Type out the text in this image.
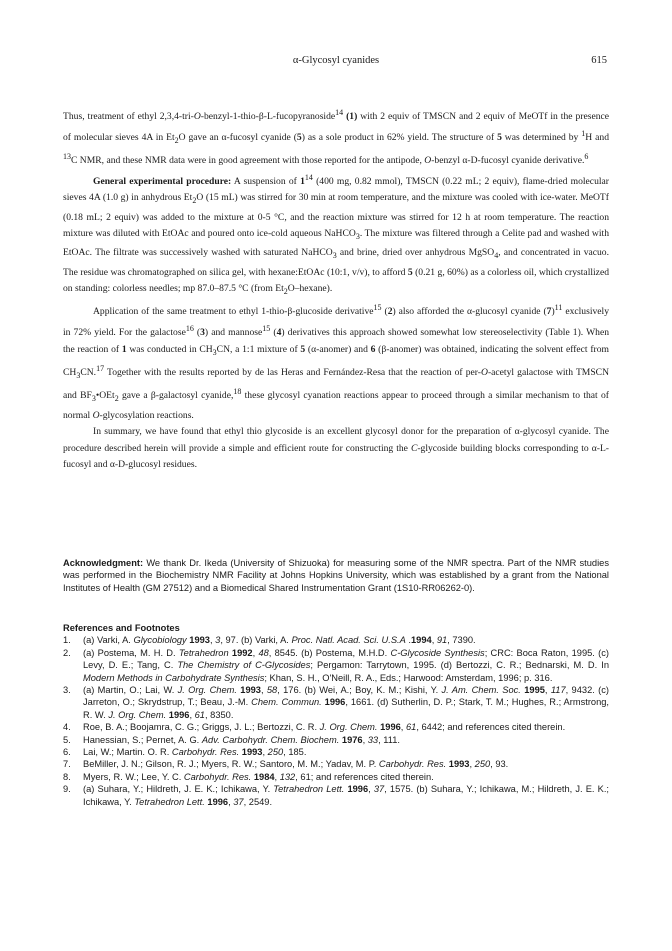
α-Glycosyl cyanides	615

Thus, treatment of ethyl 2,3,4-tri-O-benzyl-1-thio-β-L-fucopyranoside$^{14}$ (1) with 2 equiv of TMSCN and 2 equiv of MeOTf in the presence of molecular sieves 4A in $Et_2O$ gave an α-fucosyl cyanide (5) as a sole product in 62% yield. The structure of 5 was determined by $^1$H and $^{13}$C NMR, and these NMR data were in good agreement with those reported for the antipode, O-benzyl α-D-fucosyl cyanide derivative.$^6$

General experimental procedure: A suspension of $1^{14}$ (400 mg, 0.82 mmol), TMSCN (0.22 mL; 2 equiv), flame-dried molecular sieves 4A (1.0 g) in anhydrous $Et_2O$ (15 mL) was stirred for 30 min at room temperature, and the mixture was cooled with ice-water. MeOTf (0.18 mL; 2 equiv) was added to the mixture at 0-5 °C, and the reaction mixture was stirred for 12 h at room temperature. The reaction mixture was diluted with EtOAc and poured onto ice-cold aqueous NaHCO$_3$. The mixture was filtered through a Celite pad and washed with EtOAc. The filtrate was successively washed with saturated NaHCO$_3$ and brine, dried over anhydrous MgSO$_4$, and concentrated in vacuo. The residue was chromatographed on silica gel, with hexane:EtOAc (10:1, v/v), to afford 5 (0.21 g, 60%) as a colorless oil, which crystallized on standing: colorless needles; mp 87.0–87.5 °C (from $Et_2O-hexane$).

Application of the same treatment to ethyl 1-thio-β-glucoside derivative$^{15}$ (2) also afforded the α-glucosyl cyanide $(7)^{11}$ exclusively in 72% yield. For the galactose$^{16}$ (3) and mannose$^{15}$ (4) derivatives this approach showed somewhat low stereoselectivity (Table 1). When the reaction of 1 was conducted in $CH_3CN$, a 1:1 mixture of 5 (α-anomer) and 6 (β-anomer) was obtained, indicating the solvent effect from $CH_3CN.^{17}$ Together with the results reported by de las Heras and Fernández-Resa that the reaction of per-O-acetyl galactose with TMSCN and $BF_3•OEt_2$ gave a β-galactosyl cyanide,$^{18}$ these glycosyl cyanation reactions appear to proceed through a similar mechanism to that of normal O-glycosylation reactions.

In summary, we have found that ethyl thio glycoside is an excellent glycosyl donor for the preparation of α-glycosyl cyanide. The procedure described herein will provide a simple and efficient route for constructing the C-glycoside building blocks corresponding to α-L-fucosyl and α-D-glucosyl residues.

Acknowledgment: We thank Dr. Ikeda (University of Shizuoka) for measuring some of the NMR spectra. Part of the NMR studies was performed in the Biochemistry NMR Facility at Johns Hopkins University, which was established by a grant from the National Institutes of Health (GM 27512) and a Biomedical Shared Instrumentation Grant (1S10-RR06262-0).
References and Footnotes
1. (a) Varki, A. Glycobiology 1993, 3, 97. (b) Varki, A. Proc. Natl. Acad. Sci. U.S.A .1994, 91, 7390.
2. (a) Postema, M. H. D. Tetrahedron 1992, 48, 8545. (b) Postema, M.H.D. C-Glycoside Synthesis; CRC: Boca Raton, 1995. (c) Levy, D. E.; Tang, C. The Chemistry of C-Glycosides; Pergamon: Tarrytown, 1995. (d) Bertozzi, C. R.; Bednarski, M. D. In Modern Methods in Carbohydrate Synthesis; Khan, S. H., O'Neill, R. A., Eds.; Harwood: Amsterdam, 1996; p. 316.
3. (a) Martin, O.; Lai, W. J. Org. Chem. 1993, 58, 176. (b) Wei, A.; Boy, K. M.; Kishi, Y. J. Am. Chem. Soc. 1995, 117, 9432. (c) Jarreton, O.; Skrydstrup, T.; Beau, J.-M. Chem. Commun. 1996, 1661. (d) Sutherlin, D. P.; Stark, T. M.; Hughes, R.; Armstrong, R. W. J. Org. Chem. 1996, 61, 8350.
4. Roe, B. A.; Boojamra, C. G.; Griggs, J. L.; Bertozzi, C. R. J. Org. Chem. 1996, 61, 6442; and references cited therein.
5. Hanessian, S.; Pernet, A. G. Adv. Carbohydr. Chem. Biochem. 1976, 33, 111.
6. Lai, W.; Martin. O. R. Carbohydr. Res. 1993, 250, 185.
7. BeMiller, J. N.; Gilson, R. J.; Myers, R. W.; Santoro, M. M.; Yadav, M. P. Carbohydr. Res. 1993, 250, 93.
8. Myers, R. W.; Lee, Y. C. Carbohydr. Res. 1984, 132, 61; and references cited therein.
9. (a) Suhara, Y.; Hildreth, J. E. K.; Ichikawa, Y. Tetrahedron Lett. 1996, 37, 1575. (b) Suhara, Y.; Ichikawa, M.; Hildreth, J. E. K.; Ichikawa, Y. Tetrahedron Lett. 1996, 37, 2549.
